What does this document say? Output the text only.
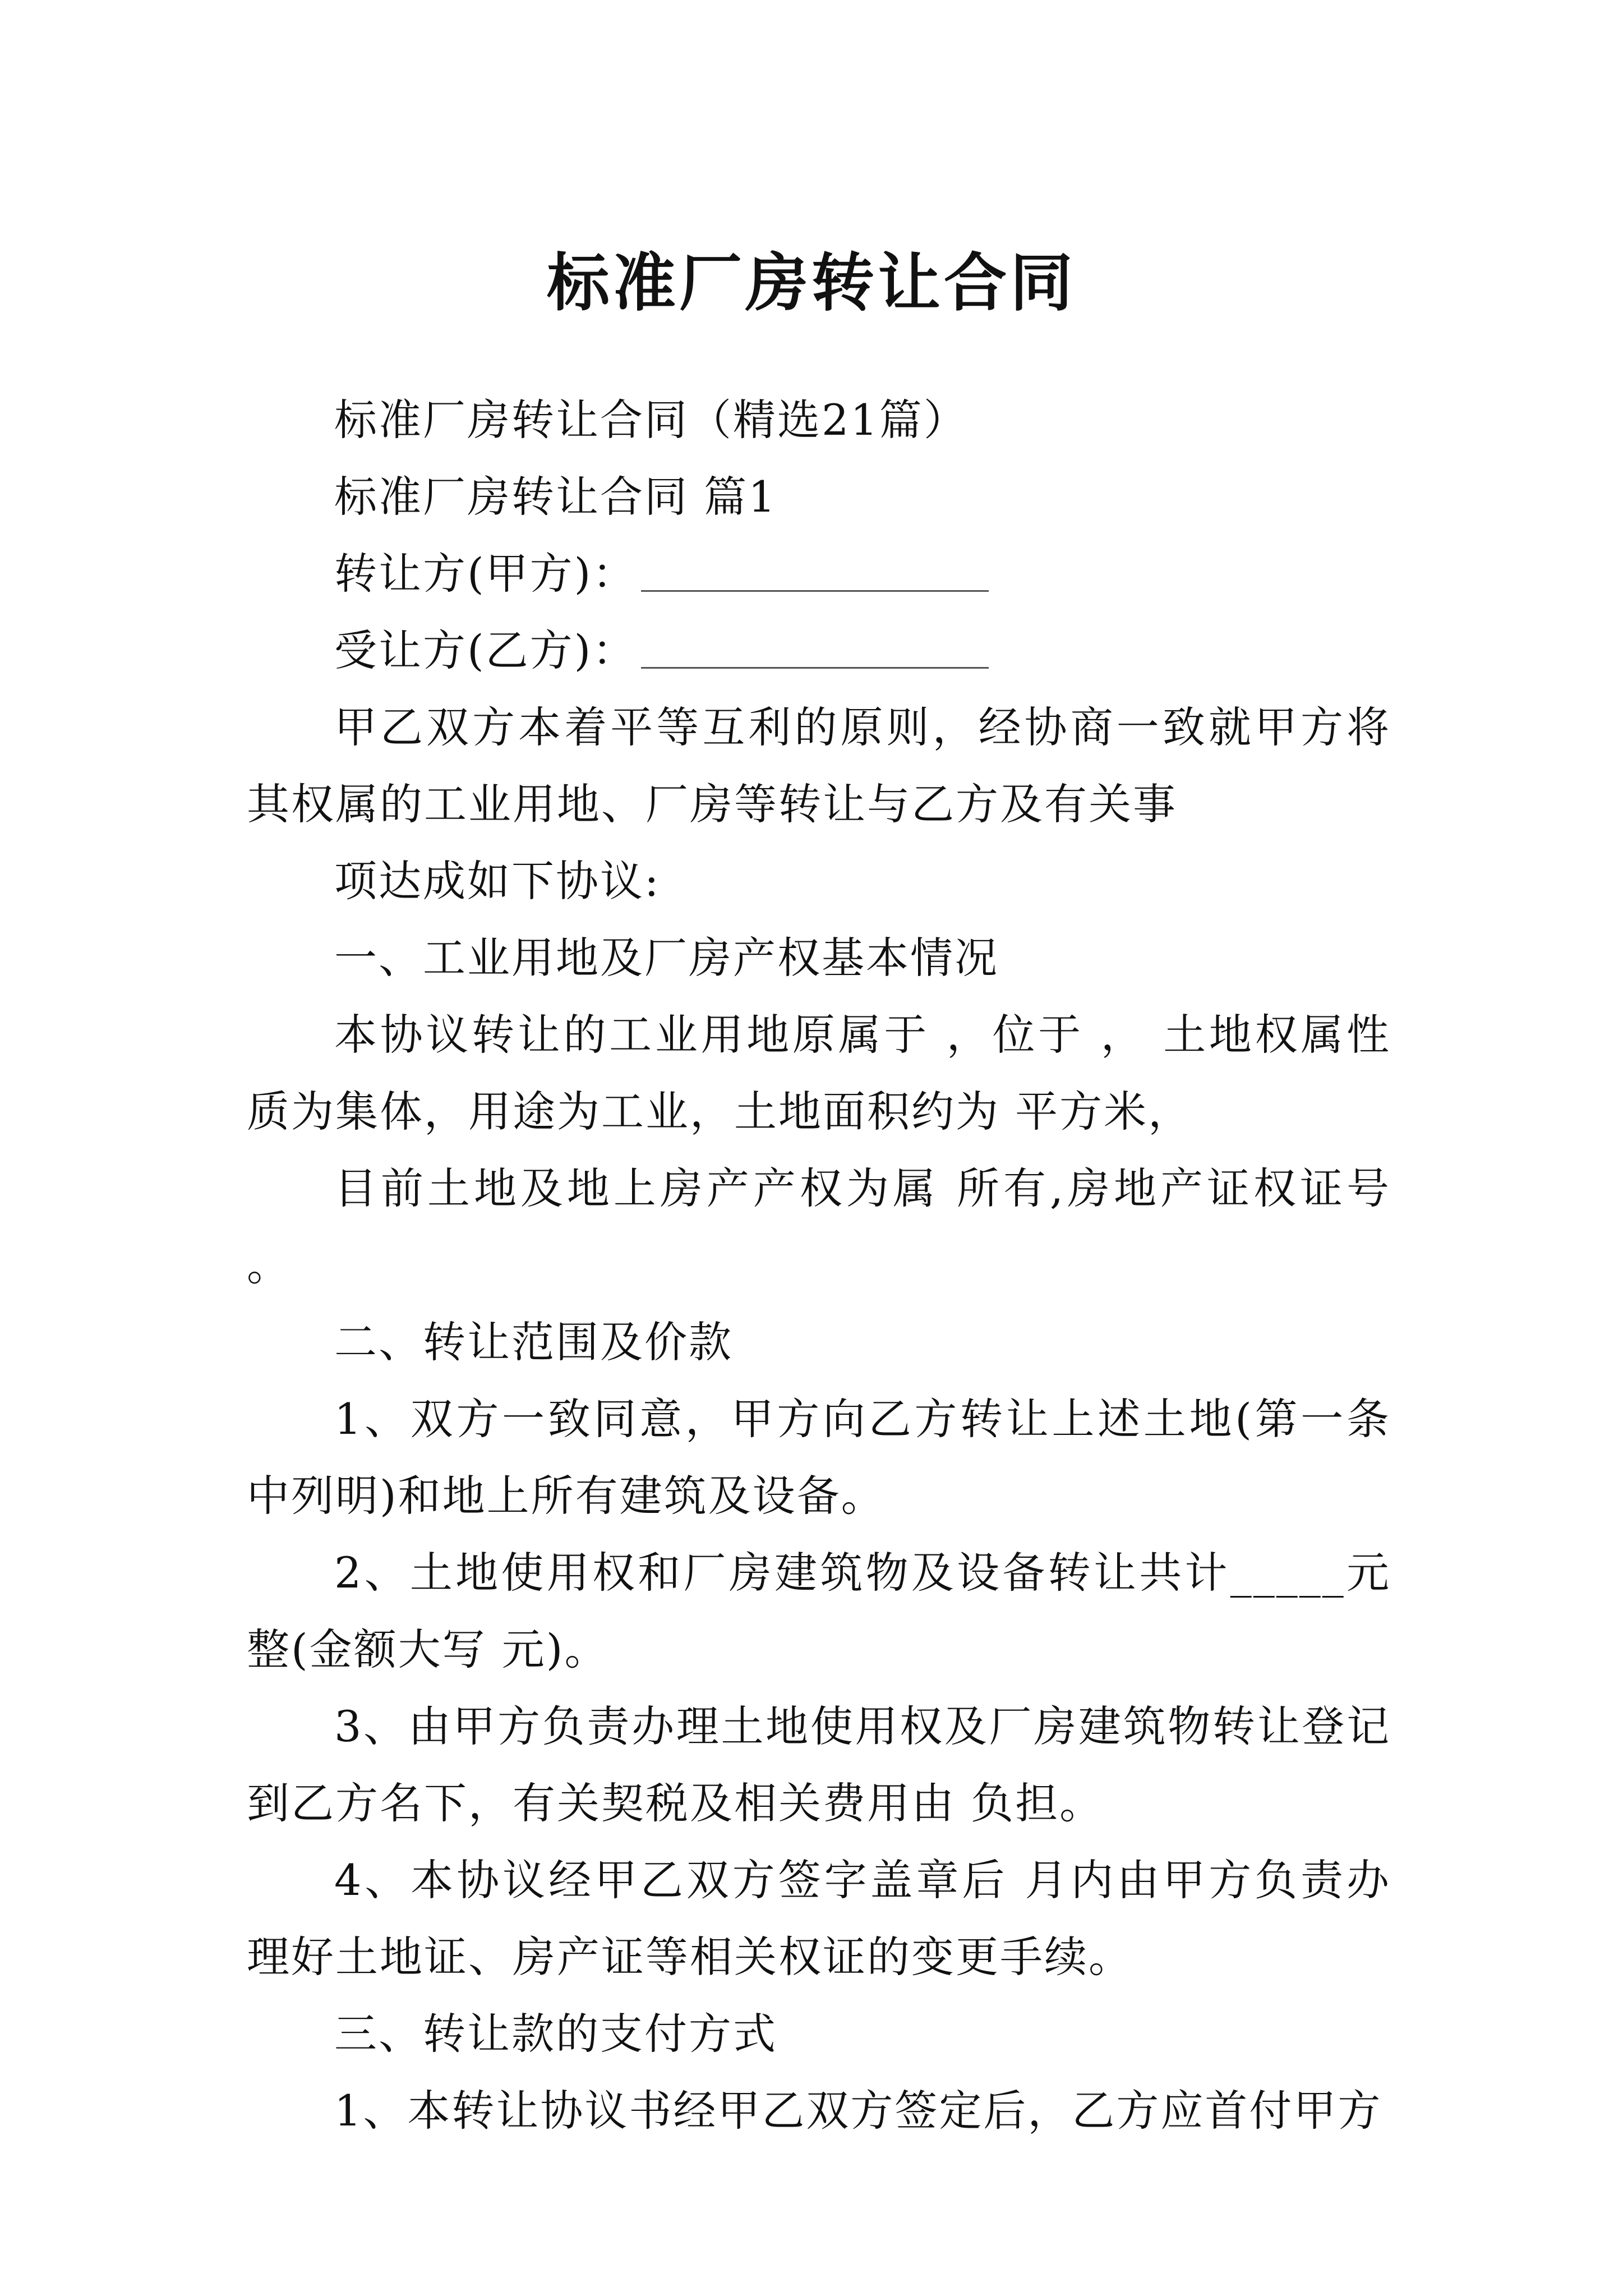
标准厂房转让合同

标准厂房转让合同（精选21篇）

标准厂房转让合同 篇1

转让方(甲方)：

受让方(乙方)：

甲乙双方本着平等互利的原则，经协商一致就甲方将其权属的工业用地、厂房等转让与乙方及有关事

项达成如下协议:

一、工业用地及厂房产权基本情况

本协议转让的工业用地原属于 ，位于 ， 土地权属性质为集体，用途为工业，土地面积约为 平方米，

目前土地及地上房产产权为属 所有,房地产证权证号 。

二、转让范围及价款

1、双方一致同意，甲方向乙方转让上述土地(第一条中列明)和地上所有建筑及设备。

2、土地使用权和厂房建筑物及设备转让共计_____元整(金额大写 元)。

3、由甲方负责办理土地使用权及厂房建筑物转让登记到乙方名下，有关契税及相关费用由 负担。

4、本协议经甲乙双方签字盖章后 月内由甲方负责办理好土地证、房产证等相关权证的变更手续。

三、转让款的支付方式

1、本转让协议书经甲乙双方签定后，乙方应首付甲方
